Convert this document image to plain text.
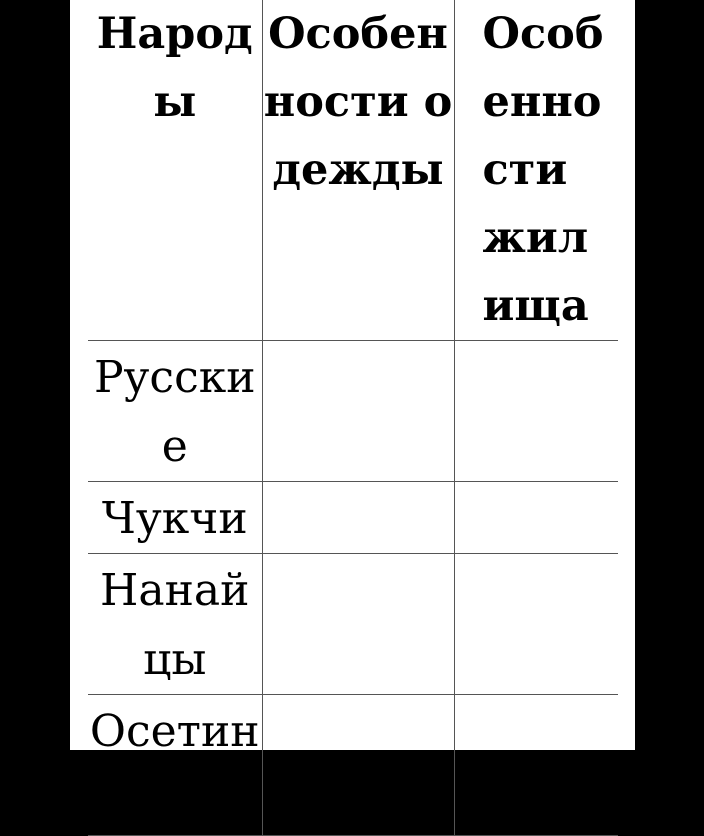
Народы	Особенности одежды	Особенности жилища
Русские		
Чукчи		
Нанайцы		
Осетины		
